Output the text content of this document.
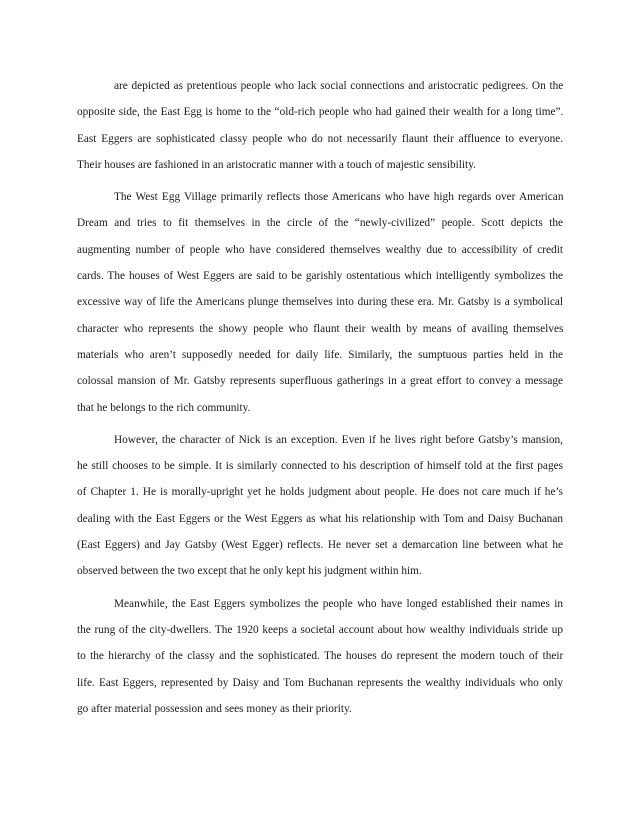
are depicted as pretentious people who lack social connections and aristocratic pedigrees. On the
opposite side, the East Egg is home to the “old-rich people who had gained their wealth for a long time”.
East Eggers are sophisticated classy people who do not necessarily flaunt their affluence to everyone.
Their houses are fashioned in an aristocratic manner with a touch of majestic sensibility.

The West Egg Village primarily reflects those Americans who have high regards over American
Dream and tries to fit themselves in the circle of the “newly-civilized” people. Scott depicts the
augmenting number of people who have considered themselves wealthy due to accessibility of credit
cards. The houses of West Eggers are said to be garishly ostentatious which intelligently symbolizes the
excessive way of life the Americans plunge themselves into during these era. Mr. Gatsby is a symbolical
character who represents the showy people who flaunt their wealth by means of availing themselves
materials who aren’t supposedly needed for daily life. Similarly, the sumptuous parties held in the
colossal mansion of Mr. Gatsby represents superfluous gatherings in a great effort to convey a message
that he belongs to the rich community.

However, the character of Nick is an exception. Even if he lives right before Gatsby’s mansion,
he still chooses to be simple. It is similarly connected to his description of himself told at the first pages
of Chapter 1. He is morally-upright yet he holds judgment about people. He does not care much if he’s
dealing with the East Eggers or the West Eggers as what his relationship with Tom and Daisy Buchanan
(East Eggers) and Jay Gatsby (West Egger) reflects. He never set a demarcation line between what he
observed between the two except that he only kept his judgment within him.

Meanwhile, the East Eggers symbolizes the people who have longed established their names in
the rung of the city-dwellers. The 1920 keeps a societal account about how wealthy individuals stride up
to the hierarchy of the classy and the sophisticated. The houses do represent the modern touch of their
life. East Eggers, represented by Daisy and Tom Buchanan represents the wealthy individuals who only
go after material possession and sees money as their priority.
